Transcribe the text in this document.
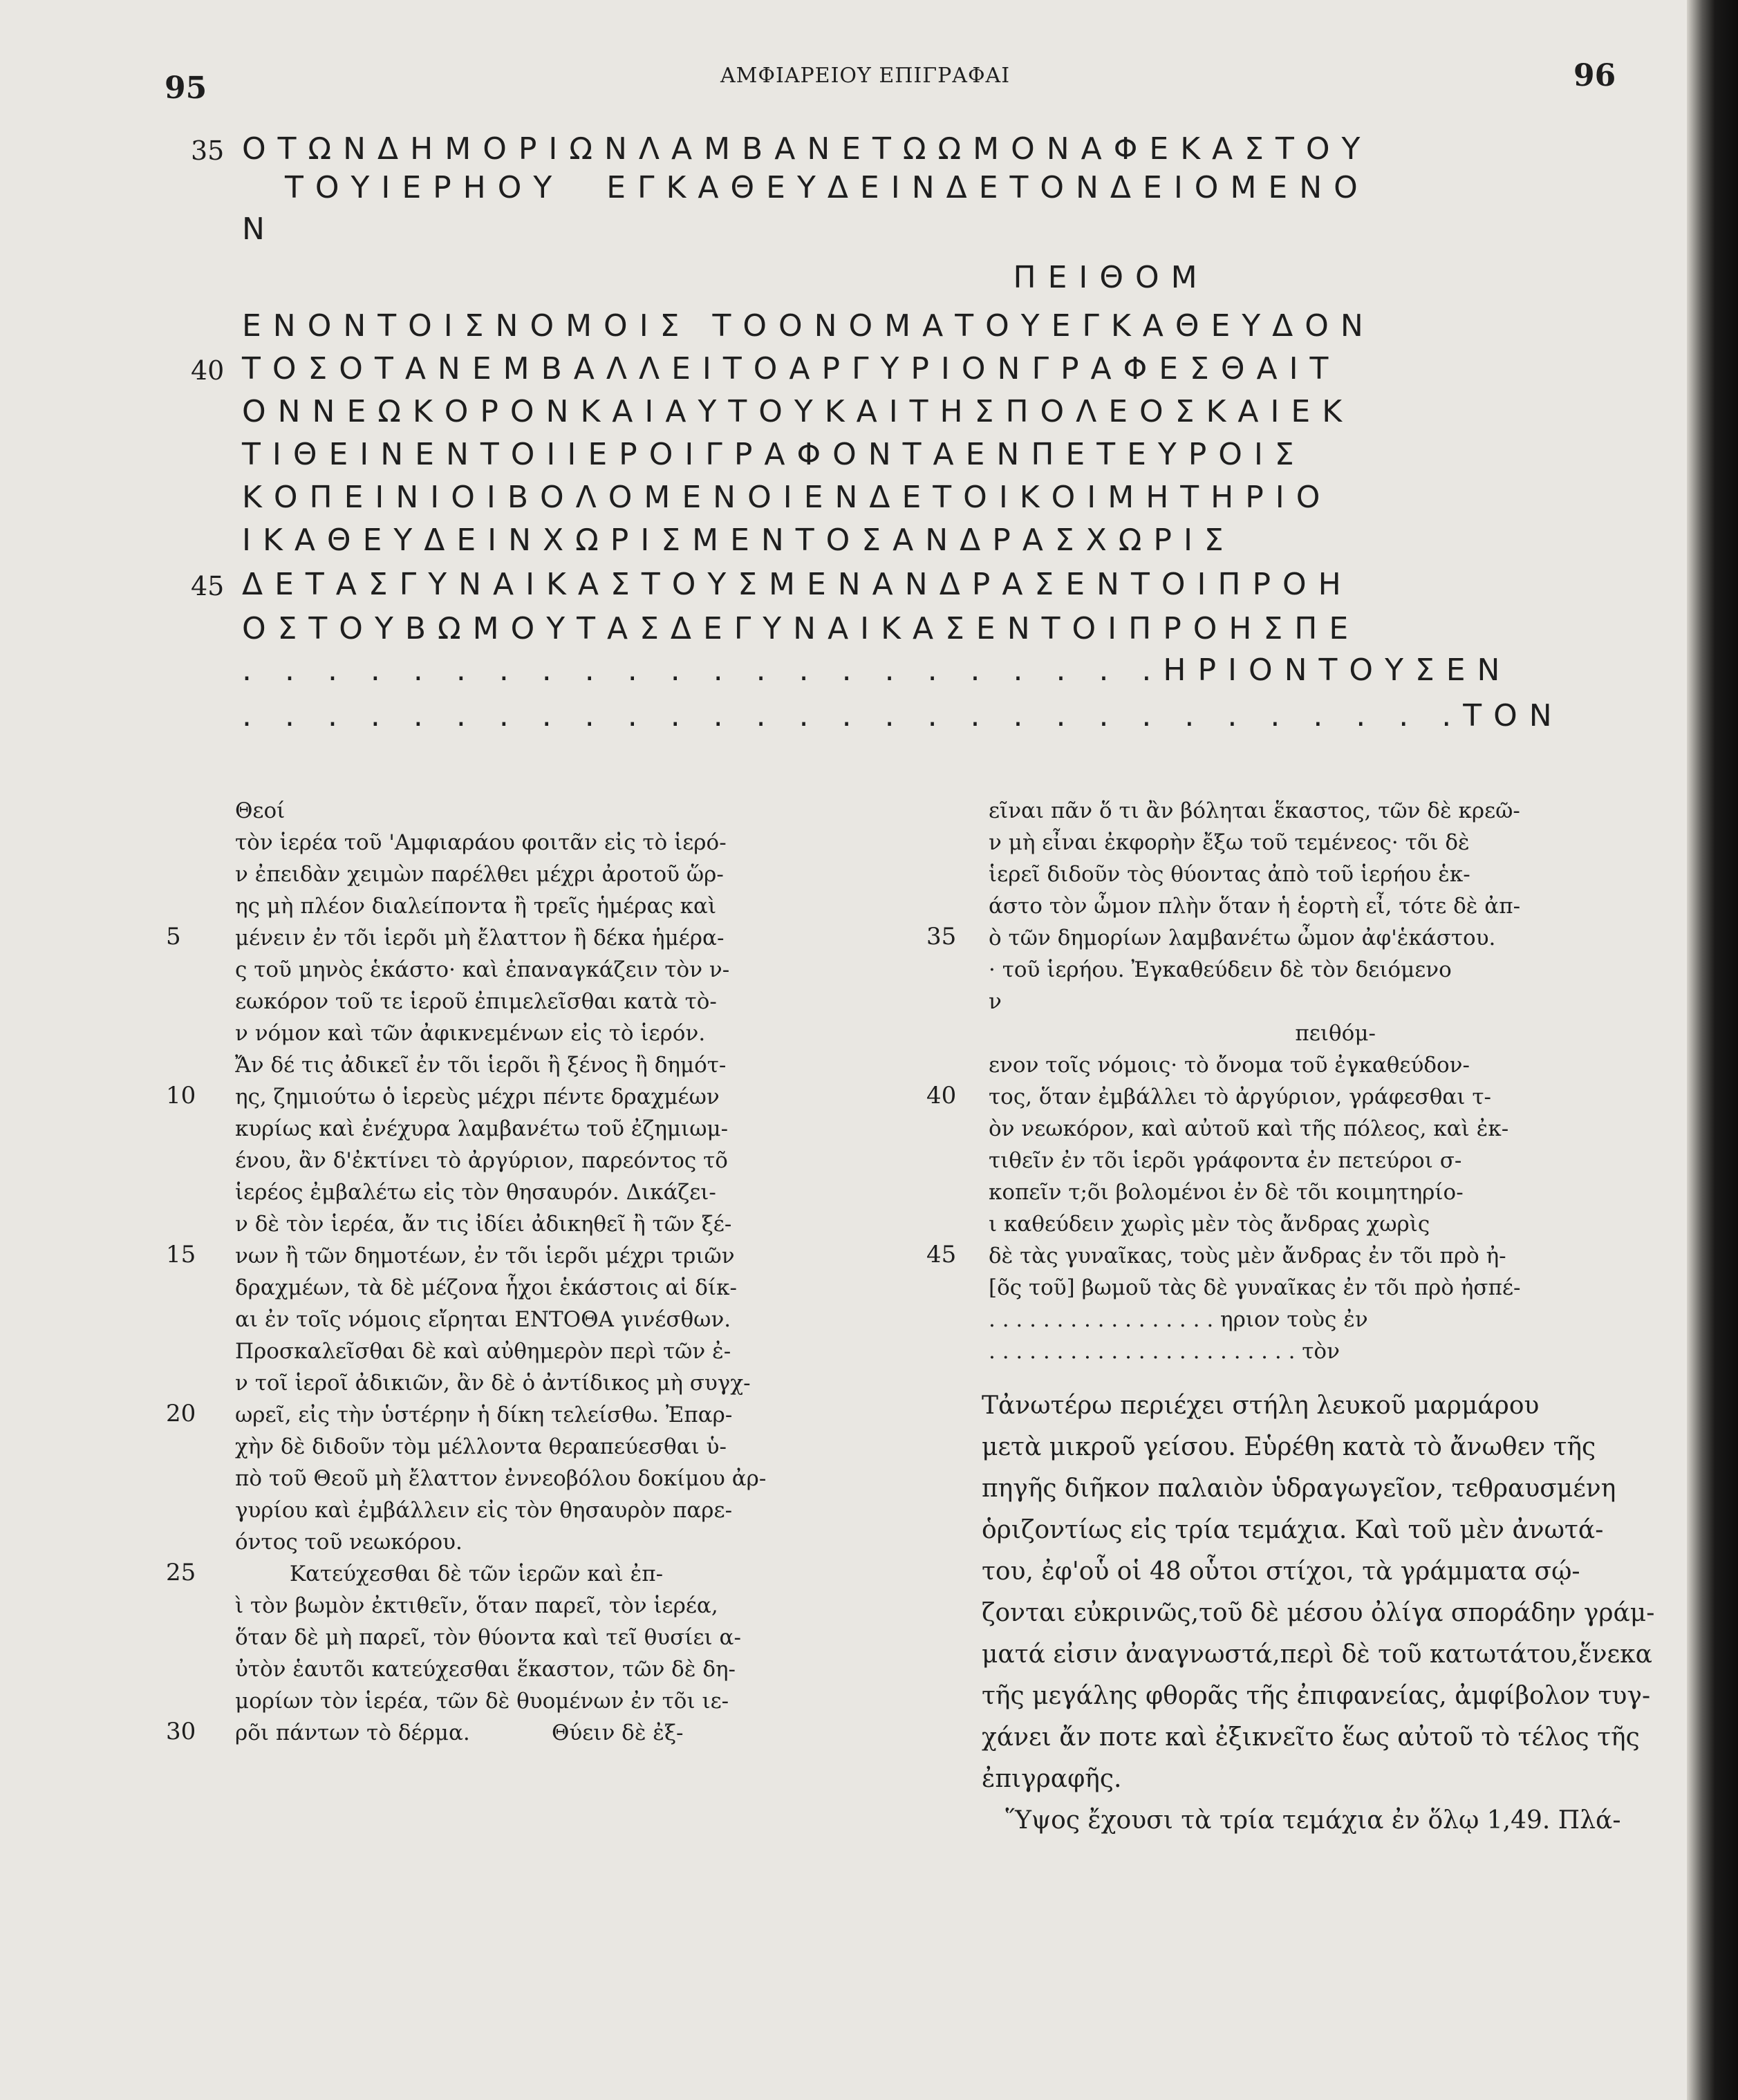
95	ΑΜΦΙΑΡΕΙΟΥ ΕΠΙΓΡΑΦΑΙ	96
35 ΟΤΩΝΔΗΜΟΡΙΩΝΛΑΜΒΑΝΕΤΩΩΜΟΝΑΦΕΚΑΣΤΟΥ
ΤΟΥΙΕΡΗΟΥ  ΕΓΚΑΘΕΥΔΕΙΝΔΕΤΟΝΔΕΙΟΜΕΝΟ
Ν
ΠΕΙΘΟΜ
ΕΝΟΝΤΟΙΣΝΟΜΟΙΣ ΤΟΟΝΟΜΑΤΟΥΕΓΚΑΘΕΥΔΟΝ
40 ΤΟΣΟΤΑΝΕΜΒΑΛΛΕΙΤΟΑΡΓΥΡΙΟΝΓΡΑΦΕΣΘΑΙΤ
ΟΝΝΕΩΚΟΡΟΝΚΑΙΑΥΤΟΥΚΑΙΤΗΣΠΟΛΕΟΣΚΑΙΕΚ
ΤΙΘΕΙΝΕΝΤΟΙΙΕΡΟΙΓΡΑΦΟΝΤΑΕΝΠΕΤΕΥΡΟΙΣ
ΚΟΠΕΙΝΙΟΙΒΟΛΟΜΕΝΟΙΕΝΔΕΤΟΙΚΟΙΜΗΤΗΡΙΟ
ΙΚΑΘΕΥΔΕΙΝΧΩΡΙΣΜΕΝΤΟΣΑΝΔΡΑΣΧΩΡΙΣ
45 ΔΕΤΑΣΓΥΝΑΙΚΑΣΤΟΥΣΜΕΝΑΝΔΡΑΣΕΝΤΟΙΠΡΟΗ
ΟΣΤΟΥΒΩΜΟΥΤΑΣΔΕΓΥΝΑΙΚΑΣΕΝΤΟΙΠΡΟΗΣΠΕ
. . . . . . . . . . . . . . . . . . . . . .ΗΡΙΟΝΤΟΥΣΕΝ
. . . . . . . . . . . . . . . . . . . . . . . . . . . . .ΤΟΝ
Θεοί
τὸν ἱερέα τοῦ 'Αμφιαράου φοιτᾶν εἰς τὸ ἱερό-
ν ἐπειδὰν χειμὼν παρέλθει μέχρι ἀροτοῦ ὥρ-
ης μὴ πλέον διαλείποντα ἢ τρεῖς ἡμέρας καὶ
5	μένειν ἐν τõι ἱερõι μὴ ἔλαττον ἢ δέκα ἡμέρα-
ς τοῦ μηνὸς ἑκάστο· καὶ ἐπαναγκάζειν τὸν ν-
εωκόρον τοῦ τε ἱεροῦ ἐπιμελεῖσθαι κατὰ τὸ-
ν νόμον καὶ τῶν ἀφικνεμένων εἰς τὸ ἱερόν.
Ἄν δέ τις ἀδικεῖ ἐν τõι ἱερõι ἢ ξένος ἢ δημότ-
10 ης, ζημιούτω ὁ ἱερεὺς μέχρι πέντε δραχμέων
κυρίως καὶ ἐνέχυρα λαμβανέτω τοῦ ἐζημιωμ-
ένου, ἂν δ'ἐκτίνει τὸ ἀργύριον, παρεόντος τõ
ἱερέος ἐμβαλέτω εἰς τὸν θησαυρόν. Δικάζει-
ν δὲ τὸν ἱερέα, ἄν τις ἰδίει ἀδικηθεῖ ἢ τῶν ξέ-
15 νων ἢ τῶν δημοτέων, ἐν τõι ἱερõι μέχρι τριῶν
δραχμέων, τὰ δὲ μέζονα ἧχοι ἑκάστοις αἱ δίκ-
αι ἐν τοῖς νόμοις εἴρηται ΕΝΤΟΘΑ γινέσθων.
Προσκαλεῖσθαι δὲ καὶ αὐθημερὸν περὶ τῶν ἐ-
ν τοῖ ἱεροῖ ἀδικιῶν, ἂν δὲ ὁ ἀντίδικος μὴ συγχ-
20 ωρεῖ, εἰς τὴν ὑστέρην ἡ δίκη τελείσθω. Ἐπαρ-
χὴν δὲ διδοῦν τὸμ μέλλοντα θεραπεύεσθαι ὑ-
πὸ τοῦ Θεοῦ μὴ ἔλαττον ἐννεοβόλου δοκίμου ἀρ-
γυρίου καὶ ἐμβάλλειν εἰς τὸν θησαυρὸν παρε-
όντος τοῦ νεωκόρου.
25 Κατεύχεσθαι δὲ τῶν ἱερῶν καὶ ἐπ-
ὶ τὸν βωμὸν ἐκτιθεῖν, ὅταν παρεῖ, τὸν ἱερέα,
ὅταν δὲ μὴ παρεῖ, τὸν θύοντα καὶ τεῖ θυσίει α-
ὐτὸν ἑαυτõι κατεύχεσθαι ἕκαστον, τῶν δὲ δη-
μορίων τὸν ἱερέα, τῶν δὲ θυομένων ἐν τõι ιε-
30 ρõι πάντων τὸ δέρμα.            Θύειν δὲ ἐξ-
εῖναι πᾶν ὅ τι ἂν βόληται ἕκαστος, τῶν δὲ κρεῶ-
ν μὴ εἶναι ἐκφορὴν ἔξω τοῦ τεμένεος· τõι δὲ
ἱερεῖ διδοῦν τὸς θύοντας ἀπὸ τοῦ ἱερήου ἑκ-
άστο τὸν ὦμον πλὴν ὅταν ἡ ἑορτὴ εἶ, τότε δὲ ἀπ-
35 ὸ τῶν δημορίων λαμβανέτω ὦμον ἀφ'ἑκάστου.
· τοῦ ἱερήου. Ἐγκαθεύδειν δὲ τὸν δειόμενο
ν
πειθόμ-
ενον τοῖς νόμοις· τὸ ὄνομα τοῦ ἐγκαθεύδον-
40 τος, ὅταν ἐμβάλλει τὸ ἀργύριον, γράφεσθαι τ-
ὸν νεωκόρον, καὶ αὐτοῦ καὶ τῆς πόλεος, καὶ ἐκ-
τιθεῖν ἐν τõι ἱερõι γράφοντα ἐν πετεύροι σ-
κοπεῖν τ;õι βολομένοι ἐν δὲ τõι κοιμητηρίο-
ι καθεύδειν χωρὶς μὲν τὸς ἄνδρας χωρὶς
45 δὲ τὰς γυναῖκας, τοὺς μὲν ἄνδρας ἐν τõι πρὸ ἠ-
[õς τοῦ] βωμοῦ τὰς δὲ γυναῖκας ἐν τõι πρὸ ἠσπέ-
. . . . . . . . . . . . . . . . . ηριον τοὺς ἐν
. . . . . . . . . . . . . . . . . . . . . . . τὸν
Τἀνωτέρω περιέχει στήλη λευκοῦ μαρμάρου
μετὰ μικροῦ γείσου. Εὑρέθη κατὰ τὸ ἄνωθεν τῆς
πηγῆς διῆκον παλαιὸν ὑδραγωγεῖον, τεθραυσμένη
ὁριζοντίως εἰς τρία τεμάχια. Καὶ τοῦ μὲν ἀνωτά-
του, ἐφ'οὗ οἱ 48 οὗτοι στίχοι, τὰ γράμματα σῴ-
ζονται εὐκρινῶς,τοῦ δὲ μέσου ὀλίγα σποράδην γράμ-
ματά εἰσιν ἀναγνωστά,περὶ δὲ τοῦ κατωτάτου,ἕνεκα
τῆς μεγάλης φθορᾶς τῆς ἐπιφανείας, ἀμφίβολον τυγ-
χάνει ἄν ποτε καὶ ἐξικνεῖτο ἕως αὐτοῦ τὸ τέλος τῆς
ἐπιγραφῆς.
Ὕψος ἔχουσι τὰ τρία τεμάχια ἐν ὅλῳ 1,49. Πλά-
